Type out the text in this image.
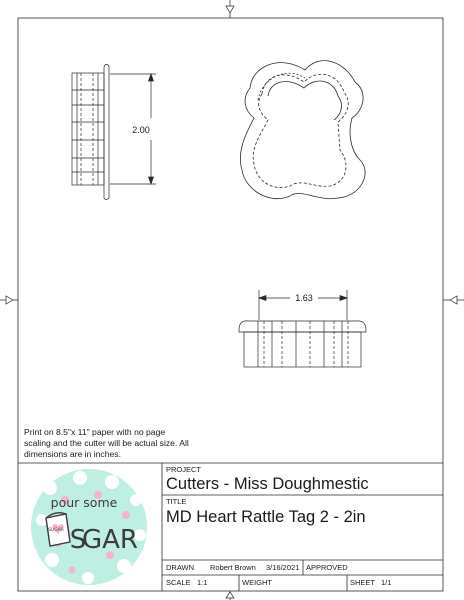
2.00
1.63
pour some
SUGAR S
GAR
Print on 8.5"x 11" paper with no page scaling and the cutter will be actual size. All dimensions are in inches.
PROJECT
Cutters - Miss Doughmestic
TITLE
MD Heart Rattle Tag 2 - 2in
DRAWN Robert Brown 3/16/2021 APPROVED
SCALE 1:1	WEIGHT	SHEET 1/1
